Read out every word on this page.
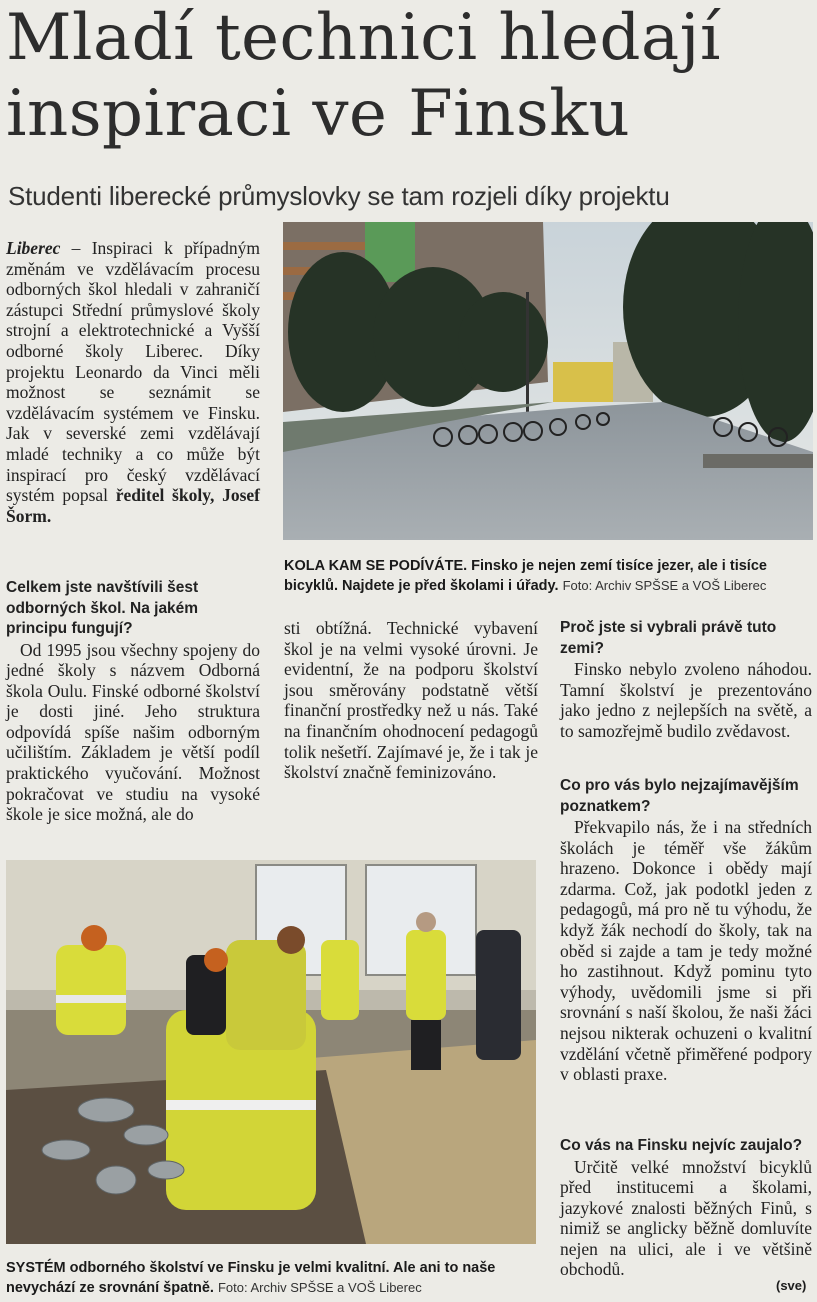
Mladí technici hledají
inspiraci ve Finsku
Studenti liberecké průmyslovky se tam rozjeli díky projektu
KOLA KAM SE PODÍVÁTE. Finsko je nejen zemí tisíce jezer, ale i tisíce bicyklů. Najdete je před školami i úřady. Foto: Archiv SPŠSE a VOŠ Liberec

Liberec – Inspiraci k případným změnám ve vzdělávacím procesu odborných škol hledali v zahraničí zástupci Střední průmyslové školy strojní a elektrotechnické a Vyšší odborné školy Liberec. Díky projektu Leonardo da Vinci měli možnost se seznámit se vzdělávacím systémem ve Finsku. Jak v severské zemi vzdělávají mladé techniky a co může být inspirací pro český vzdělávací systém popsal ředitel školy, Josef Šorm.

Celkem jste navštívili šest odborných škol. Na jakém principu fungují?

Od 1995 jsou všechny spojeny do jedné školy s názvem Odborná škola Oulu. Finské odborné školství je dosti jiné. Jeho struktura odpovídá spíše našim odborným učilištím. Základem je větší podíl praktického vyučování. Možnost pokračovat ve studiu na vysoké škole je sice možná, ale do

sti obtížná. Technické vybavení škol je na velmi vysoké úrovni. Je evidentní, že na podporu školství jsou směrovány podstatně větší finanční prostředky než u nás. Také na finančním ohodnocení pedagogů tolik nešetří. Zajímavé je, že i tak je školství značně feminizováno.

Proč jste si vybrali právě tuto zemi?

Finsko nebylo zvoleno náhodou. Tamní školství je prezentováno jako jedno z nejlepších na světě, a to samozřejmě budilo zvědavost.

Co pro vás bylo nejzajímavějším poznatkem?

Překvapilo nás, že i na středních školách je téměř vše žákům hrazeno. Dokonce i obědy mají zdarma. Což, jak podotkl jeden z pedagogů, má pro ně tu výhodu, že když žák nechodí do školy, tak na oběd si zajde a tam je tedy možné ho zastihnout. Když pominu tyto výhody, uvědomili jsme si při srovnání s naší školou, že naši žáci nejsou nikterak ochuzeni o kvalitní vzdělání včetně přiměřené podpory v oblasti praxe.

Co vás na Finsku nejvíc zaujalo?

Určitě velké množství bicyklů před institucemi a školami, jazykové znalosti běžných Finů, s nimiž se anglicky běžně domluvíte nejen na ulici, ale i ve většině obchodů.

(sve)
SYSTÉM odborného školství ve Finsku je velmi kvalitní. Ale ani to naše nevychází ze srovnání špatně. Foto: Archiv SPŠSE a VOŠ Liberec
